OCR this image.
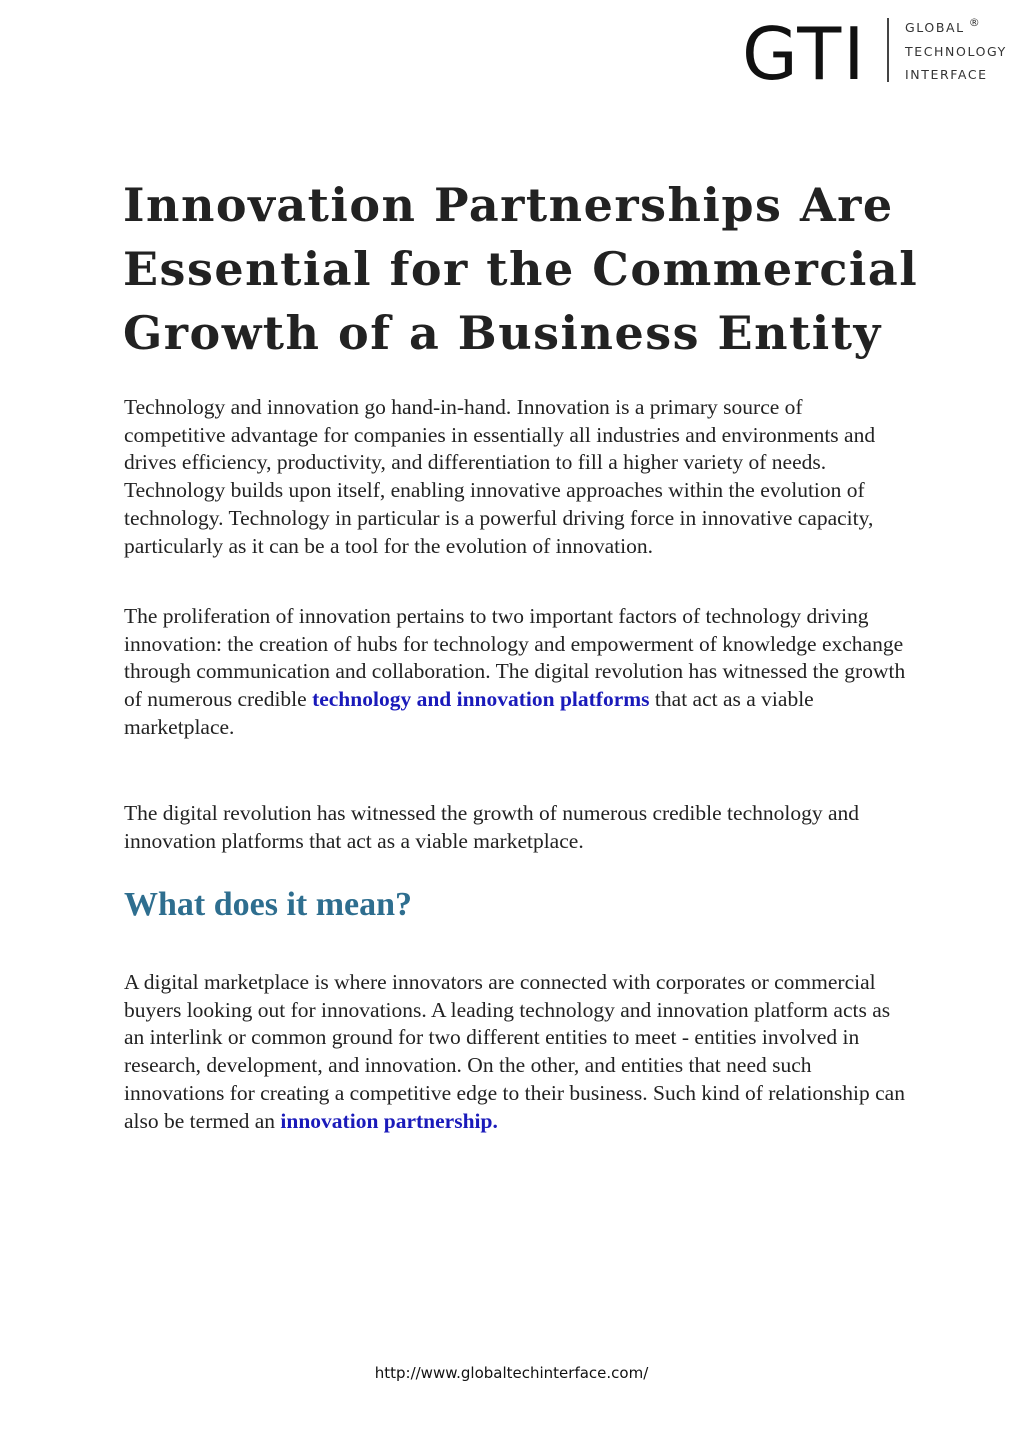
GTI	GLOBAL ®
TECHNOLOGY
INTERFACE
Innovation Partnerships Are Essential for the Commercial Growth of a Business Entity

Technology and innovation go hand-in-hand. Innovation is a primary source of competitive advantage for companies in essentially all industries and environments and drives efficiency, productivity, and differentiation to fill a higher variety of needs. Technology builds upon itself, enabling innovative approaches within the evolution of technology. Technology in particular is a powerful driving force in innovative capacity, particularly as it can be a tool for the evolution of innovation.

The proliferation of innovation pertains to two important factors of technology driving innovation: the creation of hubs for technology and empowerment of knowledge exchange through communication and collaboration. The digital revolution has witnessed the growth of numerous credible technology and innovation platforms that act as a viable marketplace.

The digital revolution has witnessed the growth of numerous credible technology and innovation platforms that act as a viable marketplace.

What does it mean?

A digital marketplace is where innovators are connected with corporates or commercial buyers looking out for innovations. A leading technology and innovation platform acts as an interlink or common ground for two different entities to meet - entities involved in research, development, and innovation. On the other, and entities that need such innovations for creating a competitive edge to their business. Such kind of relationship can also be termed an innovation partnership.

http://www.globaltechinterface.com/
